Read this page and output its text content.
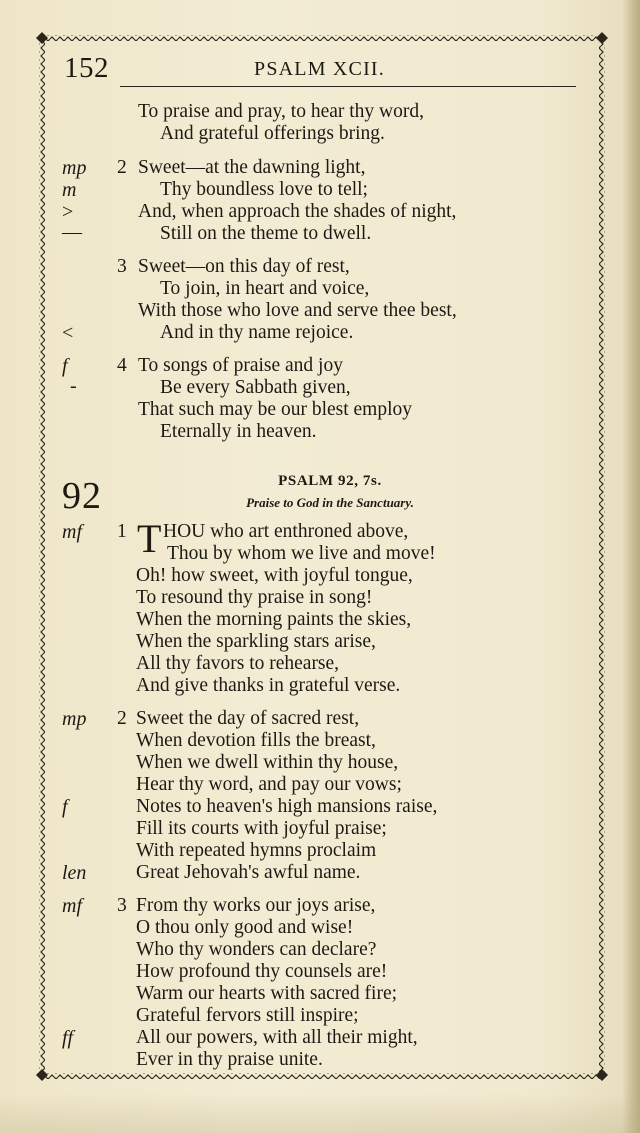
152	PSALM XCII.
To praise and pray, to hear thy word,
And grateful offerings bring.
mp
m
>
—
2 Sweet—at the dawning light,
Thy boundless love to tell;
And, when approach the shades of night,
Still on the theme to dwell.
3 Sweet—on this day of rest,
To join, in heart and voice,
With those who love and serve thee best,
<	And in thy name rejoice.
f
-
4 To songs of praise and joy
Be every Sabbath given,
That such may be our blest employ
Eternally in heaven.
92	PSALM 92, 7s.
Praise to God in the Sanctuary.
mf 1 T HOU who art enthroned above,
Thou by whom we live and move!
Oh! how sweet, with joyful tongue,
To resound thy praise in song!
When the morning paints the skies,
When the sparkling stars arise,
All thy favors to rehearse,
And give thanks in grateful verse.
mp 2 Sweet the day of sacred rest,
When devotion fills the breast,
When we dwell within thy house,
Hear thy word, and pay our vows;
f	Notes to heaven's high mansions raise,
Fill its courts with joyful praise;
With repeated hymns proclaim
len	Great Jehovah's awful name.
mf 3 From thy works our joys arise,
O thou only good and wise!
Who thy wonders can declare?
How profound thy counsels are!
Warm our hearts with sacred fire;
Grateful fervors still inspire;
ff	All our powers, with all their might,
Ever in thy praise unite.
